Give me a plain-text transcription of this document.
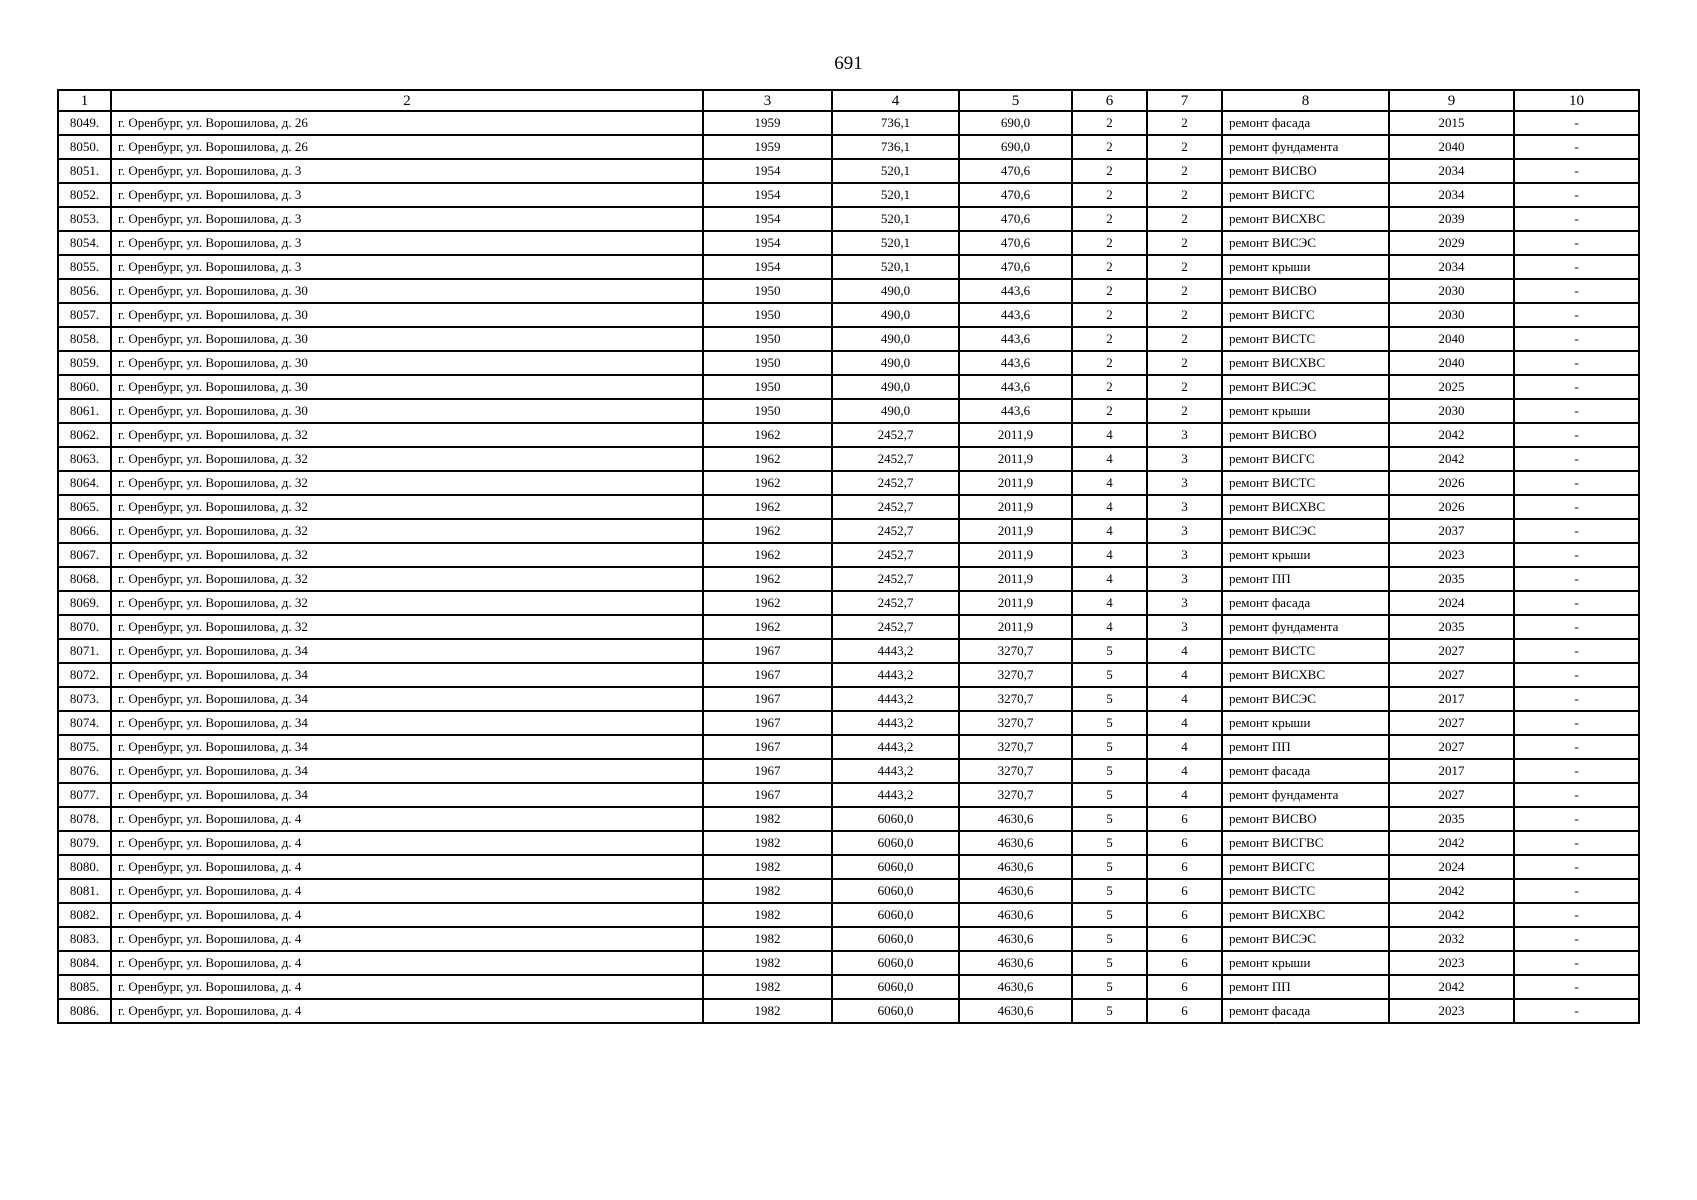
691
1	2	3	4	5	6	7	8	9	10
8049.	г. Оренбург, ул. Ворошилова, д. 26	1959	736,1	690,0	2	2	ремонт фасада	2015	-
8050.	г. Оренбург, ул. Ворошилова, д. 26	1959	736,1	690,0	2	2	ремонт фундамента	2040	-
8051.	г. Оренбург, ул. Ворошилова, д. 3	1954	520,1	470,6	2	2	ремонт ВИСВО	2034	-
8052.	г. Оренбург, ул. Ворошилова, д. 3	1954	520,1	470,6	2	2	ремонт ВИСГС	2034	-
8053.	г. Оренбург, ул. Ворошилова, д. 3	1954	520,1	470,6	2	2	ремонт ВИСХВС	2039	-
8054.	г. Оренбург, ул. Ворошилова, д. 3	1954	520,1	470,6	2	2	ремонт ВИСЭС	2029	-
8055.	г. Оренбург, ул. Ворошилова, д. 3	1954	520,1	470,6	2	2	ремонт крыши	2034	-
8056.	г. Оренбург, ул. Ворошилова, д. 30	1950	490,0	443,6	2	2	ремонт ВИСВО	2030	-
8057.	г. Оренбург, ул. Ворошилова, д. 30	1950	490,0	443,6	2	2	ремонт ВИСГС	2030	-
8058.	г. Оренбург, ул. Ворошилова, д. 30	1950	490,0	443,6	2	2	ремонт ВИСТС	2040	-
8059.	г. Оренбург, ул. Ворошилова, д. 30	1950	490,0	443,6	2	2	ремонт ВИСХВС	2040	-
8060.	г. Оренбург, ул. Ворошилова, д. 30	1950	490,0	443,6	2	2	ремонт ВИСЭС	2025	-
8061.	г. Оренбург, ул. Ворошилова, д. 30	1950	490,0	443,6	2	2	ремонт крыши	2030	-
8062.	г. Оренбург, ул. Ворошилова, д. 32	1962	2452,7	2011,9	4	3	ремонт ВИСВО	2042	-
8063.	г. Оренбург, ул. Ворошилова, д. 32	1962	2452,7	2011,9	4	3	ремонт ВИСГС	2042	-
8064.	г. Оренбург, ул. Ворошилова, д. 32	1962	2452,7	2011,9	4	3	ремонт ВИСТС	2026	-
8065.	г. Оренбург, ул. Ворошилова, д. 32	1962	2452,7	2011,9	4	3	ремонт ВИСХВС	2026	-
8066.	г. Оренбург, ул. Ворошилова, д. 32	1962	2452,7	2011,9	4	3	ремонт ВИСЭС	2037	-
8067.	г. Оренбург, ул. Ворошилова, д. 32	1962	2452,7	2011,9	4	3	ремонт крыши	2023	-
8068.	г. Оренбург, ул. Ворошилова, д. 32	1962	2452,7	2011,9	4	3	ремонт ПП	2035	-
8069.	г. Оренбург, ул. Ворошилова, д. 32	1962	2452,7	2011,9	4	3	ремонт фасада	2024	-
8070.	г. Оренбург, ул. Ворошилова, д. 32	1962	2452,7	2011,9	4	3	ремонт фундамента	2035	-
8071.	г. Оренбург, ул. Ворошилова, д. 34	1967	4443,2	3270,7	5	4	ремонт ВИСТС	2027	-
8072.	г. Оренбург, ул. Ворошилова, д. 34	1967	4443,2	3270,7	5	4	ремонт ВИСХВС	2027	-
8073.	г. Оренбург, ул. Ворошилова, д. 34	1967	4443,2	3270,7	5	4	ремонт ВИСЭС	2017	-
8074.	г. Оренбург, ул. Ворошилова, д. 34	1967	4443,2	3270,7	5	4	ремонт крыши	2027	-
8075.	г. Оренбург, ул. Ворошилова, д. 34	1967	4443,2	3270,7	5	4	ремонт ПП	2027	-
8076.	г. Оренбург, ул. Ворошилова, д. 34	1967	4443,2	3270,7	5	4	ремонт фасада	2017	-
8077.	г. Оренбург, ул. Ворошилова, д. 34	1967	4443,2	3270,7	5	4	ремонт фундамента	2027	-
8078.	г. Оренбург, ул. Ворошилова, д. 4	1982	6060,0	4630,6	5	6	ремонт ВИСВО	2035	-
8079.	г. Оренбург, ул. Ворошилова, д. 4	1982	6060,0	4630,6	5	6	ремонт ВИСГВС	2042	-
8080.	г. Оренбург, ул. Ворошилова, д. 4	1982	6060,0	4630,6	5	6	ремонт ВИСГС	2024	-
8081.	г. Оренбург, ул. Ворошилова, д. 4	1982	6060,0	4630,6	5	6	ремонт ВИСТС	2042	-
8082.	г. Оренбург, ул. Ворошилова, д. 4	1982	6060,0	4630,6	5	6	ремонт ВИСХВС	2042	-
8083.	г. Оренбург, ул. Ворошилова, д. 4	1982	6060,0	4630,6	5	6	ремонт ВИСЭС	2032	-
8084.	г. Оренбург, ул. Ворошилова, д. 4	1982	6060,0	4630,6	5	6	ремонт крыши	2023	-
8085.	г. Оренбург, ул. Ворошилова, д. 4	1982	6060,0	4630,6	5	6	ремонт ПП	2042	-
8086.	г. Оренбург, ул. Ворошилова, д. 4	1982	6060,0	4630,6	5	6	ремонт фасада	2023	-
